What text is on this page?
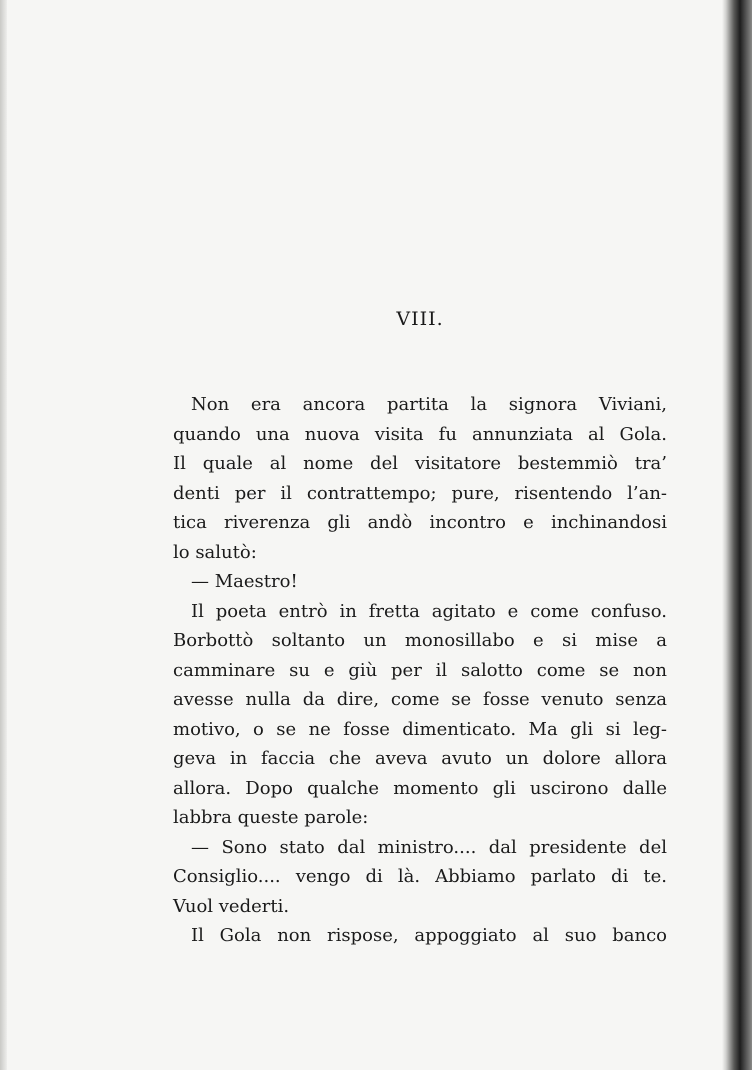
VIII.
Non era ancora partita la signora Viviani,
quando una nuova visita fu annunziata al Gola.
Il quale al nome del visitatore bestemmiò tra’
denti per il contrattempo; pure, risentendo l’an-
tica riverenza gli andò incontro e inchinandosi
lo salutò:
— Maestro!
Il poeta entrò in fretta agitato e come confuso.
Borbottò soltanto un monosillabo e si mise a
camminare su e giù per il salotto come se non
avesse nulla da dire, come se fosse venuto senza
motivo, o se ne fosse dimenticato. Ma gli si leg-
geva in faccia che aveva avuto un dolore allora
allora. Dopo qualche momento gli uscirono dalle
labbra queste parole:
— Sono stato dal ministro.... dal presidente del
Consiglio.... vengo di là. Abbiamo parlato di te.
Vuol vederti.
Il Gola non rispose, appoggiato al suo banco
